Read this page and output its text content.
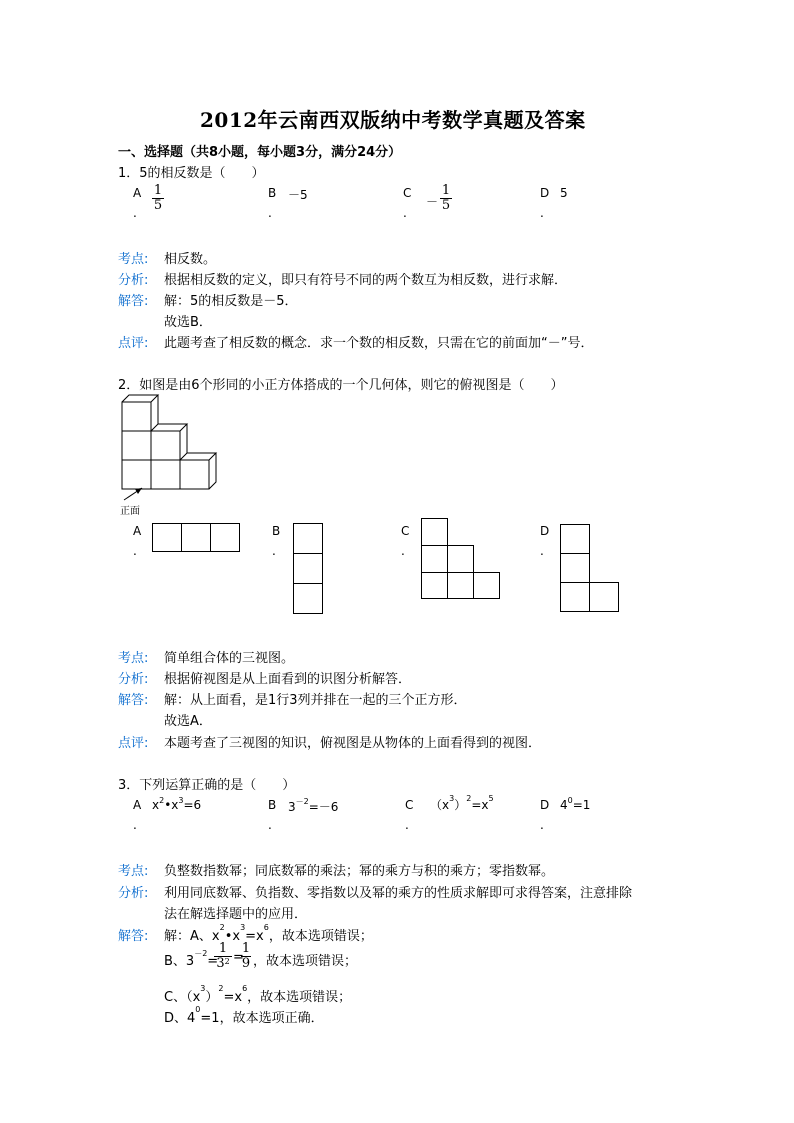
2012年云南西双版纳中考数学真题及答案
一、选择题（共8小题，每小题3分，满分24分）
1．5的相反数是（　　）
A
.
1
5
B
.
－5	C
.
－
1
5
D
.
5
考点: 相反数。
分析: 根据相反数的定义，即只有符号不同的两个数互为相反数，进行求解．
解答: 解：5的相反数是－5．
故选B．
点评: 此题考查了相反数的概念．求一个数的相反数，只需在它的前面加“－”号．
2．如图是由6个形同的小正方体搭成的一个几何体，则它的俯视图是（　　）
正面
A
.
B
.
C
.
D
.
考点: 简单组合体的三视图。
分析: 根据俯视图是从上面看到的识图分析解答．
解答: 解：从上面看，是1行3列并排在一起的三个正方形．
故选A．
点评: 本题考查了三视图的知识，俯视图是从物体的上面看得到的视图．
3．下列运算正确的是（　　）
A
.
$x^2•x^3=6$	B
.
$3^{-2}=-6$	C
.
$(x^3)^2=x^5$	D
.
$4^0=1$
考点: 负整数指数幂；同底数幂的乘法；幂的乘方与积的乘方；零指数幂。
分析: 利用同底数幂、负指数、零指数以及幂的乘方的性质求解即可求得答案，注意排除
法在解选择题中的应用．
解答: 解：A、$x^2•x^3=x^6$，故本选项错误；
B、$3^{-2}=$
1
$3^2$ =
1
9 ，故本选项错误；
C、$(x^3)^2=x^6$，故本选项错误；
D、$4^0=1$，故本选项正确．
